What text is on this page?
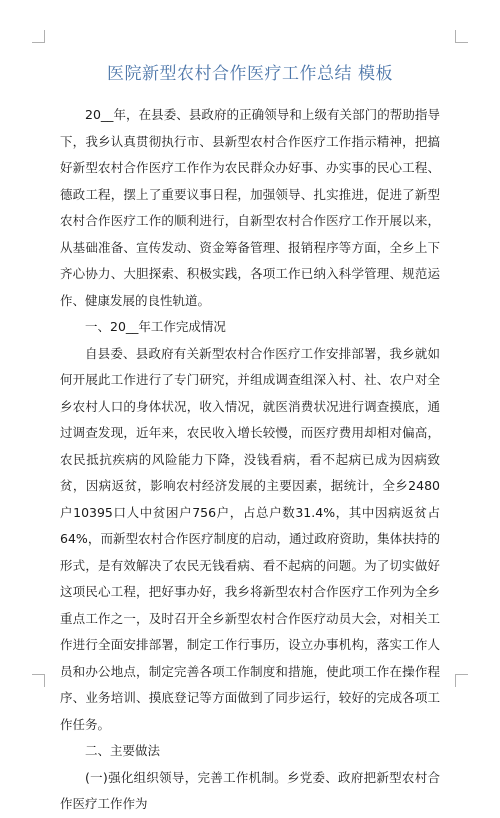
医院新型农村合作医疗工作总结 模板

20__年，在县委、县政府的正确领导和上级有关部门的帮助指导下，我乡认真贯彻执行市、县新型农村合作医疗工作指示精神，把搞好新型农村合作医疗工作作为农民群众办好事、办实事的民心工程、德政工程，摆上了重要议事日程，加强领导、扎实推进，促进了新型农村合作医疗工作的顺利进行，自新型农村合作医疗工作开展以来，从基础准备、宣传发动、资金筹备管理、报销程序等方面，全乡上下齐心协力、大胆探索、积极实践，各项工作已纳入科学管理、规范运作、健康发展的良性轨道。

一、20__年工作完成情况

自县委、县政府有关新型农村合作医疗工作安排部署，我乡就如何开展此工作进行了专门研究，并组成调查组深入村、社、农户对全乡农村人口的身体状况，收入情况，就医消费状况进行调查摸底，通过调查发现，近年来，农民收入增长较慢，而医疗费用却相对偏高，农民抵抗疾病的风险能力下降，没钱看病，看不起病已成为因病致贫，因病返贫，影响农村经济发展的主要因素，据统计，全乡2480户10395口人中贫困户756户，占总户数31.4%，其中因病返贫占64%，而新型农村合作医疗制度的启动，通过政府资助，集体扶持的形式，是有效解决了农民无钱看病、看不起病的问题。为了切实做好这项民心工程，把好事办好，我乡将新型农村合作医疗工作列为全乡重点工作之一，及时召开全乡新型农村合作医疗动员大会，对相关工作进行全面安排部署，制定工作行事历，设立办事机构，落实工作人员和办公地点，制定完善各项工作制度和措施，使此项工作在操作程序、业务培训、摸底登记等方面做到了同步运行，较好的完成各项工作任务。

二、主要做法

(一)强化组织领导，完善工作机制。乡党委、政府把新型农村合作医疗工作作为
